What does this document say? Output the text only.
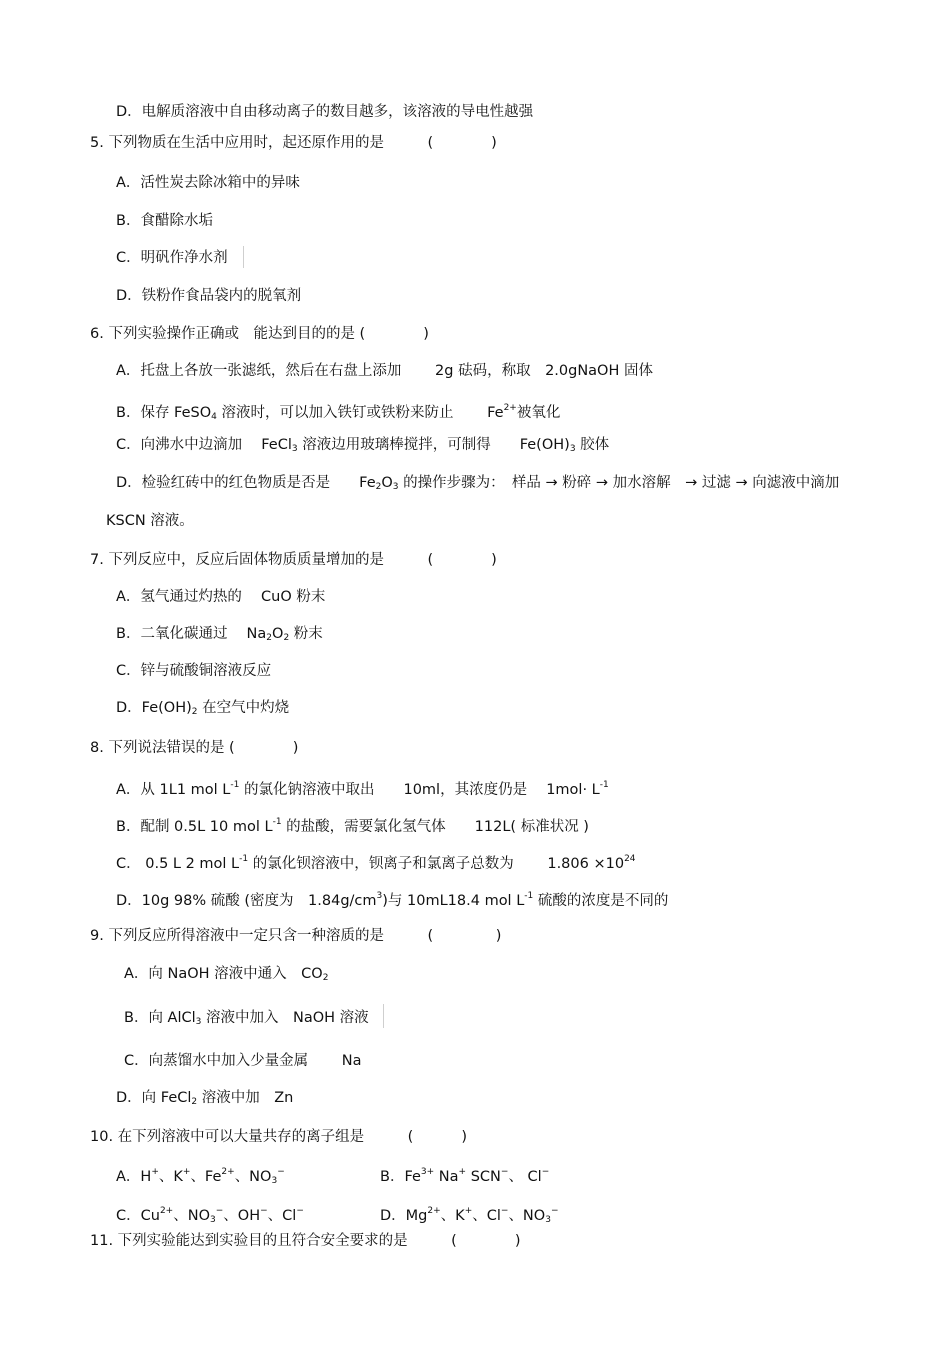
D．电解质溶液中自由移动离子的数目越多，该溶液的导电性越强
5. 下列物质在生活中应用时，起还原作用的是　　　(　　　　)
A．活性炭去除冰箱中的异味
B．食醋除水垢
C．明矾作净水剂
D．铁粉作食品袋内的脱氧剂
6. 下列实验操作正确或　能达到目的的是 (　　　　)
A．托盘上各放一张滤纸，然后在右盘上添加　　 2g 砝码，称取　2.0gNaOH 固体
B．保存 FeSO$_4$ 溶液时，可以加入铁钉或铁粉来防止　　 $Fe^{2+}$被氧化
C．向沸水中边滴加　 FeCl$_3$ 溶液边用玻璃棒搅拌，可制得　　$Fe(OH)_3$ 胶体
D．检验红砖中的红色物质是否是　　$Fe_2O_3$ 的操作步骤为：　样品 → 粉碎 → 加水溶解　→ 过滤 → 向滤液中滴加
KSCN 溶液。
7. 下列反应中，反应后固体物质质量增加的是　　　(　　　　)
A．氢气通过灼热的　 CuO 粉末
B．二氧化碳通过　 $Na_2O_2$ 粉末
C．锌与硫酸铜溶液反应
D．$Fe(OH)_2$ 在空气中灼烧
8. 下列说法错误的是 (　　　　)
A．从 1L1 mol $L^{-1}$ 的氯化钠溶液中取出　　10ml，其浓度仍是　 $1mol\cdot L^{-1}$
B．配制 0.5L 10 mol $L^{-1}$ 的盐酸，需要氯化氢气体　　112L( 标准状况 )
C． 0.5 L 2 mol $L^{-1}$ 的氯化钡溶液中，钡离子和氯离子总数为　　 $1.806 \times 10^{24}$
D．10g 98% 硫酸 (密度为　$1.84g/cm^3$)与 10mL18.4 mol $L^{-1}$ 硫酸的浓度是不同的
9. 下列反应所得溶液中一定只含一种溶质的是　　　(　　　　 )
A．向 NaOH 溶液中通入　$CO_2$
B．向 AlCl$_3$ 溶液中加入　NaOH 溶液
C．向蒸馏水中加入少量金属　　 Na
D．向 FeCl$_2$ 溶液中加　Zn
10. 在下列溶液中可以大量共存的离子组是　　　(　　　 )
A．H+、K+、$Fe^{2+}$、$NO_3^-$	B．$Fe^{3+}$ Na+ SCN−、 Cl−
C．$Cu^{2+}$、$NO_3^-$、OH−、Cl−	D．$Mg^{2+}$、K+、Cl−、$NO_3^-$
11. 下列实验能达到实验目的且符合安全要求的是　　　(　　　　)
